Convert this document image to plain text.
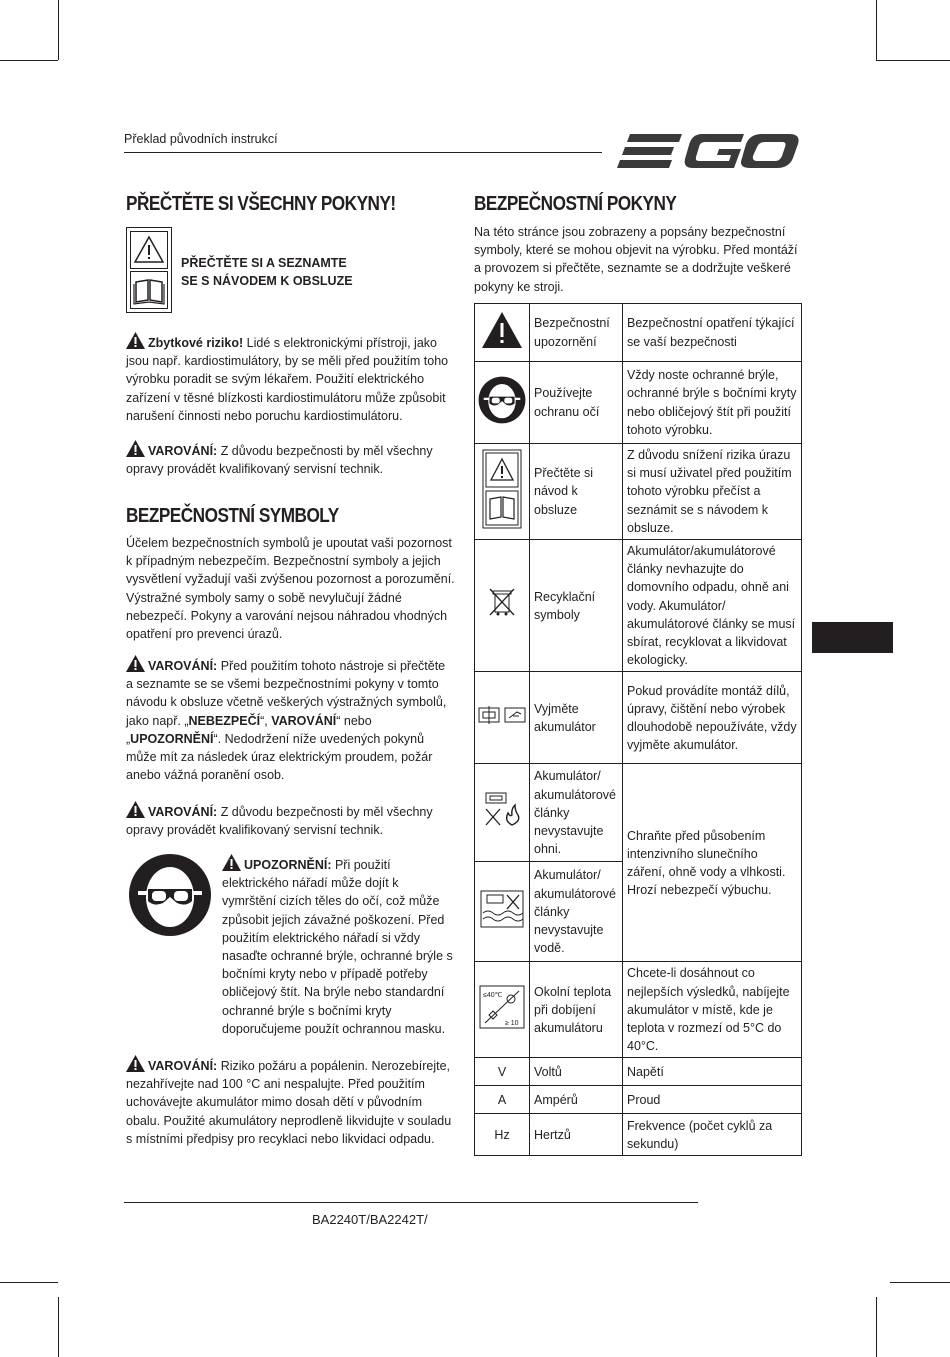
Překlad původních instrukcí
PŘEČTĚTE SI VŠECHNY POKYNY!
PŘEČTĚTE SI A SEZNAMTE
SE S NÁVODEM K OBSLUZE
Zbytkové riziko! Lidé s elektronickými přístroji, jako jsou např. kardiostimulátory, by se měli před použitím toho výrobku poradit se svým lékařem. Použití elektrického zařízení v těsné blízkosti kardiostimulátoru může způsobit narušení činnosti nebo poruchu kardiostimulátoru.
VAROVÁNÍ: Z důvodu bezpečnosti by měl všechny opravy provádět kvalifikovaný servisní technik.
BEZPEČNOSTNÍ SYMBOLY
Účelem bezpečnostních symbolů je upoutat vaši pozornost k případným nebezpečím. Bezpečnostní symboly a jejich vysvětlení vyžadují vaši zvýšenou pozornost a porozumění. Výstražné symboly samy o sobě nevylučují žádné nebezpečí. Pokyny a varování nejsou náhradou vhodných opatření pro prevenci úrazů.
VAROVÁNÍ: Před použitím tohoto nástroje si přečtěte a seznamte se se všemi bezpečnostními pokyny v tomto návodu k obsluze včetně veškerých výstražných symbolů, jako např. „NEBEZPEČÍ“, VAROVÁNÍ“ nebo „UPOZORNĚNÍ“. Nedodržení níže uvedených pokynů může mít za následek úraz elektrickým proudem, požár anebo vážná poranění osob.
VAROVÁNÍ: Z důvodu bezpečnosti by měl všechny opravy provádět kvalifikovaný servisní technik.
UPOZORNĚNÍ: Při použití elektrického nářadí může dojít k vymrštění cizích těles do očí, což může způsobit jejich závažné poškození. Před použitím elektrického nářadí si vždy nasaďte ochranné brýle, ochranné brýle s bočními kryty nebo v případě potřeby obličejový štít. Na brýle nebo standardní ochranné brýle s bočními kryty doporučujeme použít ochrannou masku.
VAROVÁNÍ: Riziko požáru a popálenin. Nerozebírejte, nezahřívejte nad 100 °C ani nespalujte. Před použitím uchovávejte akumulátor mimo dosah dětí v původním obalu. Použité akumulátory neprodleně likvidujte v souladu s místními předpisy pro recyklaci nebo likvidaci odpadu.
BEZPEČNOSTNÍ POKYNY
Na této stránce jsou zobrazeny a popsány bezpečnostní symboly, které se mohou objevit na výrobku. Před montáží a provozem si přečtěte, seznamte se a dodržujte veškeré pokyny ke stroji.
	Bezpečnostní upozornění	Bezpečnostní opatření týkající se vaší bezpečnosti
	Používejte ochranu očí	Vždy noste ochranné brýle, ochranné brýle s bočními kryty nebo obličejový štít při použití tohoto výrobku.
	Přečtěte si návod k obsluze	Z důvodu snížení rizika úrazu si musí uživatel před použitím tohoto výrobku přečíst a seznámit se s návodem k obsluze.
	Recyklační symboly	Akumulátor/akumulátorové články nevhazujte do domovního odpadu, ohně ani vody. Akumulátor/ akumulátorové články se musí sbírat, recyklovat a likvidovat ekologicky.
	Vyjměte akumulátor	Pokud provádíte montáž dílů, úpravy, čištění nebo výrobek dlouhodobě nepoužíváte, vždy vyjměte akumulátor.
	Akumulátor/ akumulátorové články nevystavujte ohni.	Chraňte před působením intenzivního slunečního záření, ohně vody a vlhkosti. Hrozí nebezpečí výbuchu.
	Akumulátor/ akumulátorové články nevystavujte vodě.	

≤40℃
≥ 10	Okolní teplota při dobíjení akumulátoru	Chcete-li dosáhnout co nejlepších výsledků, nabíjejte akumulátor v místě, kde je teplota v rozmezí od 5°C do 40°C.
V	Voltů	Napětí
A	Ampérů	Proud
Hz	Hertzů	Frekvence (počet cyklů za sekundu)
BA2240T/BA2242T/
